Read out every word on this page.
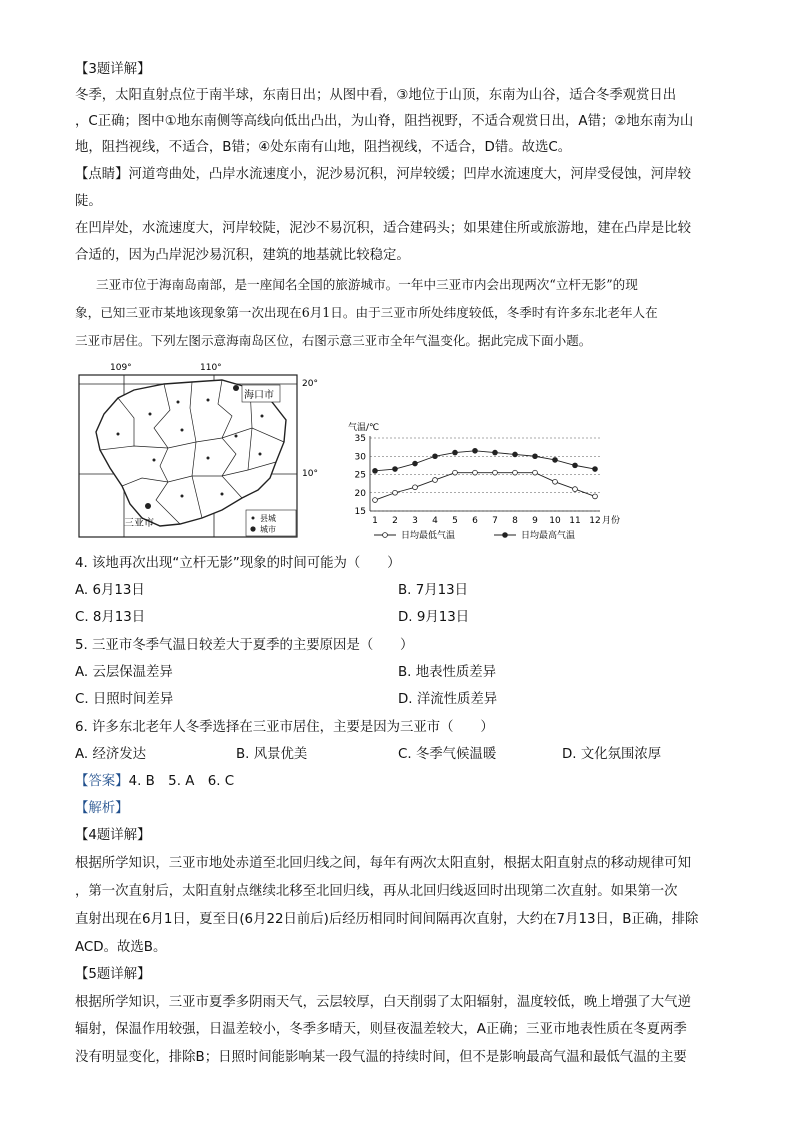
【3题详解】
冬季，太阳直射点位于南半球，东南日出；从图中看，③地位于山顶，东南为山谷，适合冬季观赏日出
，C正确；图中①地东南侧等高线向低出凸出，为山脊，阻挡视野，不适合观赏日出，A错；②地东南为山
地，阻挡视线，不适合，B错；④处东南有山地，阻挡视线，不适合，D错。故选C。
【点睛】河道弯曲处，凸岸水流速度小，泥沙易沉积，河岸较缓；凹岸水流速度大，河岸受侵蚀，河岸较
陡。
在凹岸处，水流速度大，河岸较陡，泥沙不易沉积，适合建码头；如果建住所或旅游地，建在凸岸是比较
合适的，因为凸岸泥沙易沉积，建筑的地基就比较稳定。
三亚市位于海南岛南部，是一座闻名全国的旅游城市。一年中三亚市内会出现两次“立杆无影”的现
象，已知三亚市某地该现象第一次出现在6月1日。由于三亚市所处纬度较低，冬季时有许多东北老年人在
三亚市居住。下列左图示意海南岛区位，右图示意三亚市全年气温变化。据此完成下面小题。
109°	110°
20°
10°
海口市
三亚市	县城
城市
气温/℃
35
30
25
20
15
1 2 3 4 5 6 7 8 9 10 11 12 月份
日均最低气温	日均最高气温
4. 该地再次出现“立杆无影”现象的时间可能为（　　）
A. 6月13日	B. 7月13日
C. 8月13日	D. 9月13日
5. 三亚市冬季气温日较差大于夏季的主要原因是（　　）
A. 云层保温差异	B. 地表性质差异
C. 日照时间差异	D. 洋流性质差异
6. 许多东北老年人冬季选择在三亚市居住，主要是因为三亚市（　　）
A. 经济发达	B. 风景优美	C. 冬季气候温暖	D. 文化氛围浓厚
【答案】4. B　5. A　6. C
【解析】
【4题详解】
根据所学知识，三亚市地处赤道至北回归线之间，每年有两次太阳直射，根据太阳直射点的移动规律可知
，第一次直射后，太阳直射点继续北移至北回归线，再从北回归线返回时出现第二次直射。如果第一次
直射出现在6月1日，夏至日(6月22日前后)后经历相同时间间隔再次直射，大约在7月13日，B正确，排除
ACD。故选B。
【5题详解】
根据所学知识，三亚市夏季多阴雨天气，云层较厚，白天削弱了太阳辐射，温度较低，晚上增强了大气逆
辐射，保温作用较强，日温差较小，冬季多晴天，则昼夜温差较大，A正确；三亚市地表性质在冬夏两季
没有明显变化，排除B；日照时间能影响某一段气温的持续时间，但不是影响最高气温和最低气温的主要
